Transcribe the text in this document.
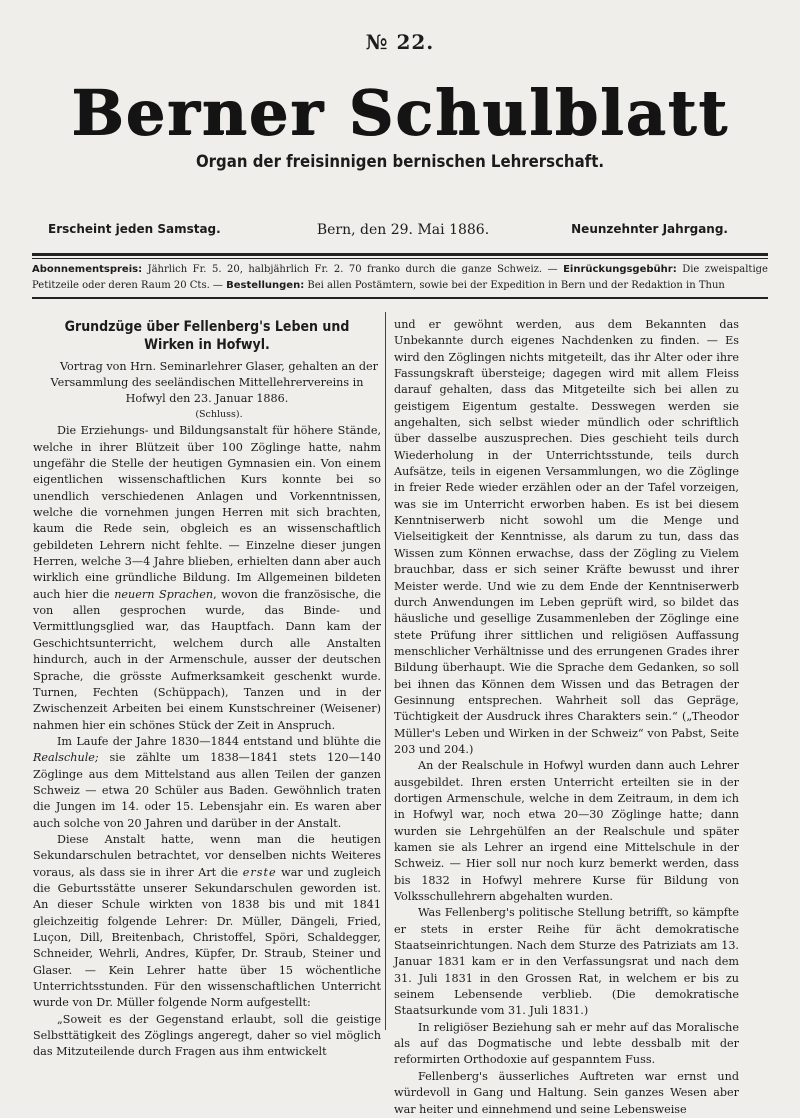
№ 22.
Berner Schulblatt
Organ der freisinnigen bernischen Lehrerschaft.
Erscheint jeden Samstag.	Bern, den 29. Mai 1886.	Neunzehnter Jahrgang.
Abonnementspreis: Jährlich Fr. 5. 20, halbjährlich Fr. 2. 70 franko durch die ganze Schweiz. — Einrückungsgebühr: Die zweispaltige Petitzeile oder deren Raum 20 Cts. — Bestellungen: Bei allen Postämtern, sowie bei der Expedition in Bern und der Redaktion in Thun
Grundzüge über Fellenberg's Leben und Wirken in Hofwyl.

Vortrag von Hrn. Seminarlehrer Glaser, gehalten an der Versammlung des seeländischen Mittellehrervereins in Hofwyl den 23. Januar 1886.

(Schluss).

Die Erziehungs- und Bildungsanstalt für höhere Stände, welche in ihrer Blützeit über 100 Zöglinge hatte, nahm ungefähr die Stelle der heutigen Gymnasien ein. Von einem eigentlichen wissenschaftlichen Kurs konnte bei so unendlich verschiedenen Anlagen und Vorkenntnissen, welche die vornehmen jungen Herren mit sich brachten, kaum die Rede sein, obgleich es an wissenschaftlich gebildeten Lehrern nicht fehlte. — Einzelne dieser jungen Herren, welche 3—4 Jahre blieben, erhielten dann aber auch wirklich eine gründliche Bildung. Im Allgemeinen bildeten auch hier die neuern Sprachen, wovon die französische, die von allen gesprochen wurde, das Binde- und Vermittlungsglied war, das Hauptfach. Dann kam der Geschichtsunterricht, welchem durch alle Anstalten hindurch, auch in der Armenschule, ausser der deutschen Sprache, die grösste Aufmerksamkeit geschenkt wurde. Turnen, Fechten (Schüppach), Tanzen und in der Zwischenzeit Arbeiten bei einem Kunstschreiner (Weisener) nahmen hier ein schönes Stück der Zeit in Anspruch.

Im Laufe der Jahre 1830—1844 entstand und blühte die Realschule; sie zählte um 1838—1841 stets 120—140 Zöglinge aus dem Mittelstand aus allen Teilen der ganzen Schweiz — etwa 20 Schüler aus Baden. Gewöhnlich traten die Jungen im 14. oder 15. Lebensjahr ein. Es waren aber auch solche von 20 Jahren und darüber in der Anstalt.

Diese Anstalt hatte, wenn man die heutigen Sekundarschulen betrachtet, vor denselben nichts Weiteres voraus, als dass sie in ihrer Art die erste war und zugleich die Geburtsstätte unserer Sekundarschulen geworden ist. An dieser Schule wirkten von 1838 bis und mit 1841 gleichzeitig folgende Lehrer: Dr. Müller, Dängeli, Fried, Luçon, Dill, Breitenbach, Christoffel, Spöri, Schaldegger, Schneider, Wehrli, Andres, Küpfer, Dr. Straub, Steiner und Glaser. — Kein Lehrer hatte über 15 wöchentliche Unterrichtsstunden. Für den wissenschaftlichen Unterricht wurde von Dr. Müller folgende Norm aufgestellt:

„Soweit es der Gegenstand erlaubt, soll die geistige Selbsttätigkeit des Zöglings angeregt, daher so viel möglich das Mitzuteilende durch Fragen aus ihm entwickelt

und er gewöhnt werden, aus dem Bekannten das Unbekannte durch eigenes Nachdenken zu finden. — Es wird den Zöglingen nichts mitgeteilt, das ihr Alter oder ihre Fassungskraft übersteige; dagegen wird mit allem Fleiss darauf gehalten, dass das Mitgeteilte sich bei allen zu geistigem Eigentum gestalte. Desswegen werden sie angehalten, sich selbst wieder mündlich oder schriftlich über dasselbe auszusprechen. Dies geschieht teils durch Wiederholung in der Unterrichtsstunde, teils durch Aufsätze, teils in eigenen Versammlungen, wo die Zöglinge in freier Rede wieder erzählen oder an der Tafel vorzeigen, was sie im Unterricht erworben haben. Es ist bei diesem Kenntniserwerb nicht sowohl um die Menge und Vielseitigkeit der Kenntnisse, als darum zu tun, dass das Wissen zum Können erwachse, dass der Zögling zu Vielem brauchbar, dass er sich seiner Kräfte bewusst und ihrer Meister werde. Und wie zu dem Ende der Kenntniserwerb durch Anwendungen im Leben geprüft wird, so bildet das häusliche und gesellige Zusammenleben der Zöglinge eine stete Prüfung ihrer sittlichen und religiösen Auffassung menschlicher Verhältnisse und des errungenen Grades ihrer Bildung überhaupt. Wie die Sprache dem Gedanken, so soll bei ihnen das Können dem Wissen und das Betragen der Gesinnung entsprechen. Wahrheit soll das Gepräge, Tüchtigkeit der Ausdruck ihres Charakters sein.“ („Theodor Müller's Leben und Wirken in der Schweiz“ von Pabst, Seite 203 und 204.)

An der Realschule in Hofwyl wurden dann auch Lehrer ausgebildet. Ihren ersten Unterricht erteilten sie in der dortigen Armenschule, welche in dem Zeitraum, in dem ich in Hofwyl war, noch etwa 20—30 Zöglinge hatte; dann wurden sie Lehrgehülfen an der Realschule und später kamen sie als Lehrer an irgend eine Mittelschule in der Schweiz. — Hier soll nur noch kurz bemerkt werden, dass bis 1832 in Hofwyl mehrere Kurse für Bildung von Volksschullehrern abgehalten wurden.

Was Fellenberg's politische Stellung betrifft, so kämpfte er stets in erster Reihe für ächt demokratische Staatseinrichtungen. Nach dem Sturze des Patriziats am 13. Januar 1831 kam er in den Verfassungsrat und nach dem 31. Juli 1831 in den Grossen Rat, in welchem er bis zu seinem Lebensende verblieb. (Die demokratische Staatsurkunde vom 31. Juli 1831.)

In religiöser Beziehung sah er mehr auf das Moralische als auf das Dogmatische und lebte dessbalb mit der reformirten Orthodoxie auf gespanntem Fuss.

Fellenberg's äusserliches Auftreten war ernst und würdevoll in Gang und Haltung. Sein ganzes Wesen aber war heiter und einnehmend und seine Lebensweise
